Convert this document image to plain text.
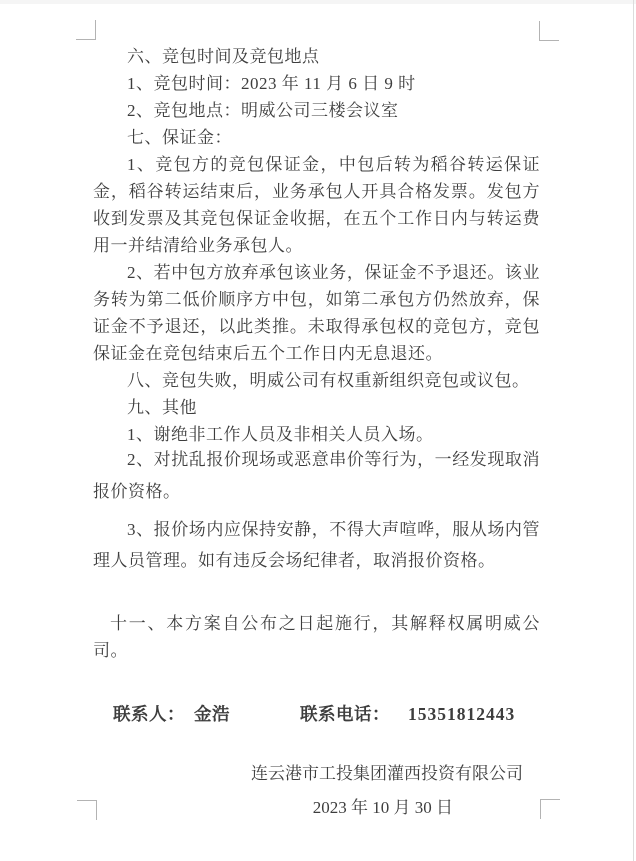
六、竞包时间及竞包地点

1、竞包时间：2023 年 11 月 6 日 9 时

2、竞包地点：明威公司三楼会议室

七、保证金：

1、竞包方的竞包保证金，中包后转为稻谷转运保证金，稻谷转运结束后，业务承包人开具合格发票。发包方收到发票及其竞包保证金收据，在五个工作日内与转运费用一并结清给业务承包人。

2、若中包方放弃承包该业务，保证金不予退还。该业务转为第二低价顺序方中包，如第二承包方仍然放弃，保证金不予退还，以此类推。未取得承包权的竞包方，竞包保证金在竞包结束后五个工作日内无息退还。

八、竞包失败，明威公司有权重新组织竞包或议包。

九、其他

1、谢绝非工作人员及非相关人员入场。

2、对扰乱报价现场或恶意串价等行为，一经发现取消报价资格。

3、报价场内应保持安静，不得大声喧哗，服从场内管理人员管理。如有违反会场纪律者，取消报价资格。

十一、本方案自公布之日起施行，其解释权属明威公司。

联系人： 金浩	联系电话： 15351812443
连云港市工投集团灌西投资有限公司
2023 年 10 月 30 日
